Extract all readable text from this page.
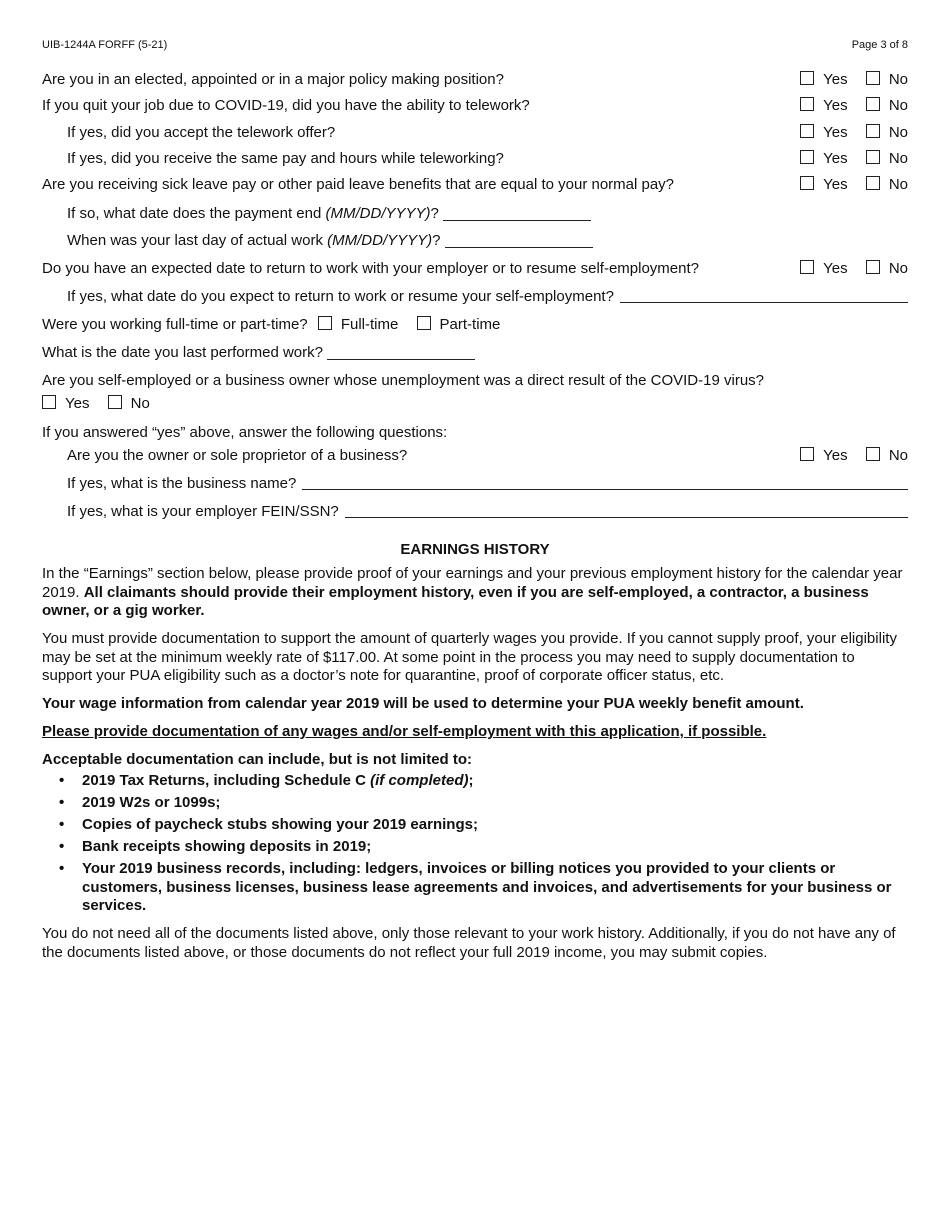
UIB-1244A FORFF (5-21)	Page 3 of 8
Are you in an elected, appointed or in a major policy making position?	Yes	No
If you quit your job due to COVID-19, did you have the ability to telework?	Yes	No
If yes, did you accept the telework offer?	Yes	No
If yes, did you receive the same pay and hours while teleworking?	Yes	No
Are you receiving sick leave pay or other paid leave benefits that are equal to your normal pay?	Yes	No
If so, what date does the payment end (MM/DD/YYYY)?
When was your last day of actual work (MM/DD/YYYY)?
Do you have an expected date to return to work with your employer or to resume self-employment?	Yes	No
If yes, what date do you expect to return to work or resume your self-employment?
Were you working full-time or part-time? Full-time	Part-time
What is the date you last performed work?
Are you self-employed or a business owner whose unemployment was a direct result of the COVID-19 virus?
Yes	No
If you answered “yes” above, answer the following questions:
Are you the owner or sole proprietor of a business?	Yes	No
If yes, what is the business name?
If yes, what is your employer FEIN/SSN?
EARNINGS HISTORY
In the “Earnings” section below, please provide proof of your earnings and your previous employment history for the calendar year 2019. All claimants should provide their employment history, even if you are self-employed, a contractor, a business owner, or a gig worker.
You must provide documentation to support the amount of quarterly wages you provide. If you cannot supply proof, your eligibility may be set at the minimum weekly rate of $117.00. At some point in the process you may need to supply documentation to support your PUA eligibility such as a doctor’s note for quarantine, proof of corporate officer status, etc.
Your wage information from calendar year 2019 will be used to determine your PUA weekly benefit amount.
Please provide documentation of any wages and/or self-employment with this application, if possible.
Acceptable documentation can include, but is not limited to:
• 2019 Tax Returns, including Schedule C (if completed);
• 2019 W2s or 1099s;
• Copies of paycheck stubs showing your 2019 earnings;
• Bank receipts showing deposits in 2019;
• Your 2019 business records, including: ledgers, invoices or billing notices you provided to your clients or customers, business licenses, business lease agreements and invoices, and advertisements for your business or services.
You do not need all of the documents listed above, only those relevant to your work history. Additionally, if you do not have any of the documents listed above, or those documents do not reflect your full 2019 income, you may submit copies.
